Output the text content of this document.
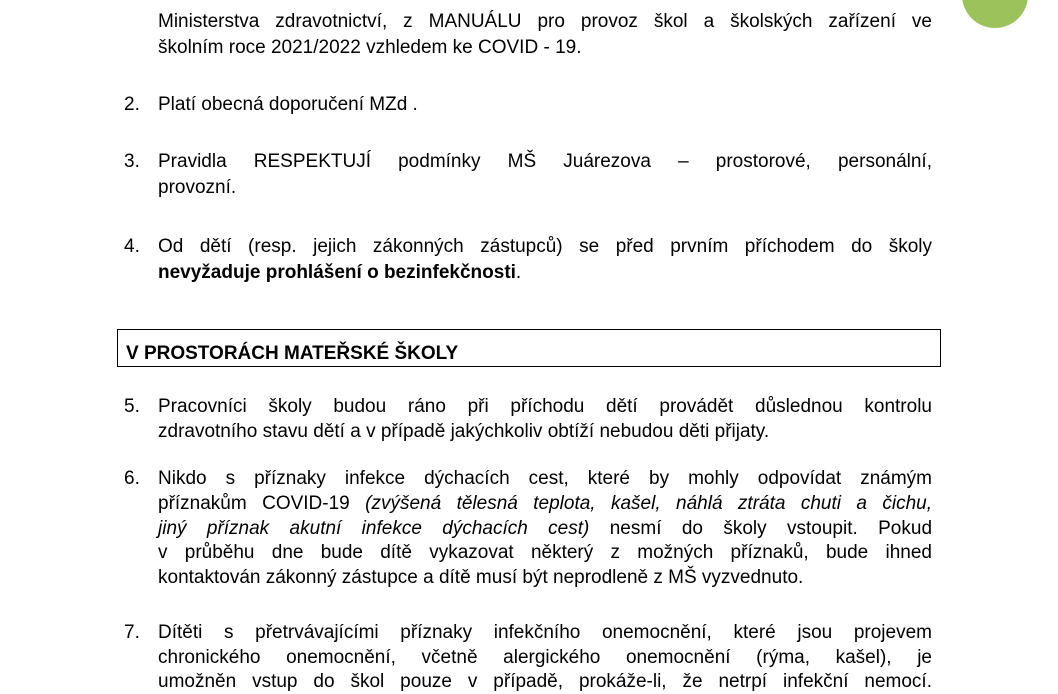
Ministerstva zdravotnictví, z MANUÁLU pro provoz škol a školských zařízení ve
školním roce 2021/2022 vzhledem ke COVID - 19.
2. Platí obecná doporučení MZd .
3. Pravidla RESPEKTUJÍ podmínky MŠ Juárezova – prostorové, personální,
provozní.
4. Od dětí (resp. jejich zákonných zástupců) se před prvním příchodem do školy
nevyžaduje prohlášení o bezinfekčnosti.
V PROSTORÁCH MATEŘSKÉ ŠKOLY
5. Pracovníci školy budou ráno při příchodu dětí provádět důslednou kontrolu
zdravotního stavu dětí a v případě jakýchkoliv obtíží nebudou děti přijaty.
6. Nikdo s příznaky infekce dýchacích cest, které by mohly odpovídat známým
příznakům COVID-19 (zvýšená tělesná teplota, kašel, náhlá ztráta chuti a čichu,
jiný příznak akutní infekce dýchacích cest) nesmí do školy vstoupit. Pokud
v průběhu dne bude dítě vykazovat některý z možných příznaků, bude ihned
kontaktován zákonný zástupce a dítě musí být neprodleně z MŠ vyzvednuto.
7. Dítěti s přetrvávajícími příznaky infekčního onemocnění, které jsou projevem
chronického onemocnění, včetně alergického onemocnění (rýma, kašel), je
umožněn vstup do škol pouze v případě, prokáže-li, že netrpí infekční nemocí.
